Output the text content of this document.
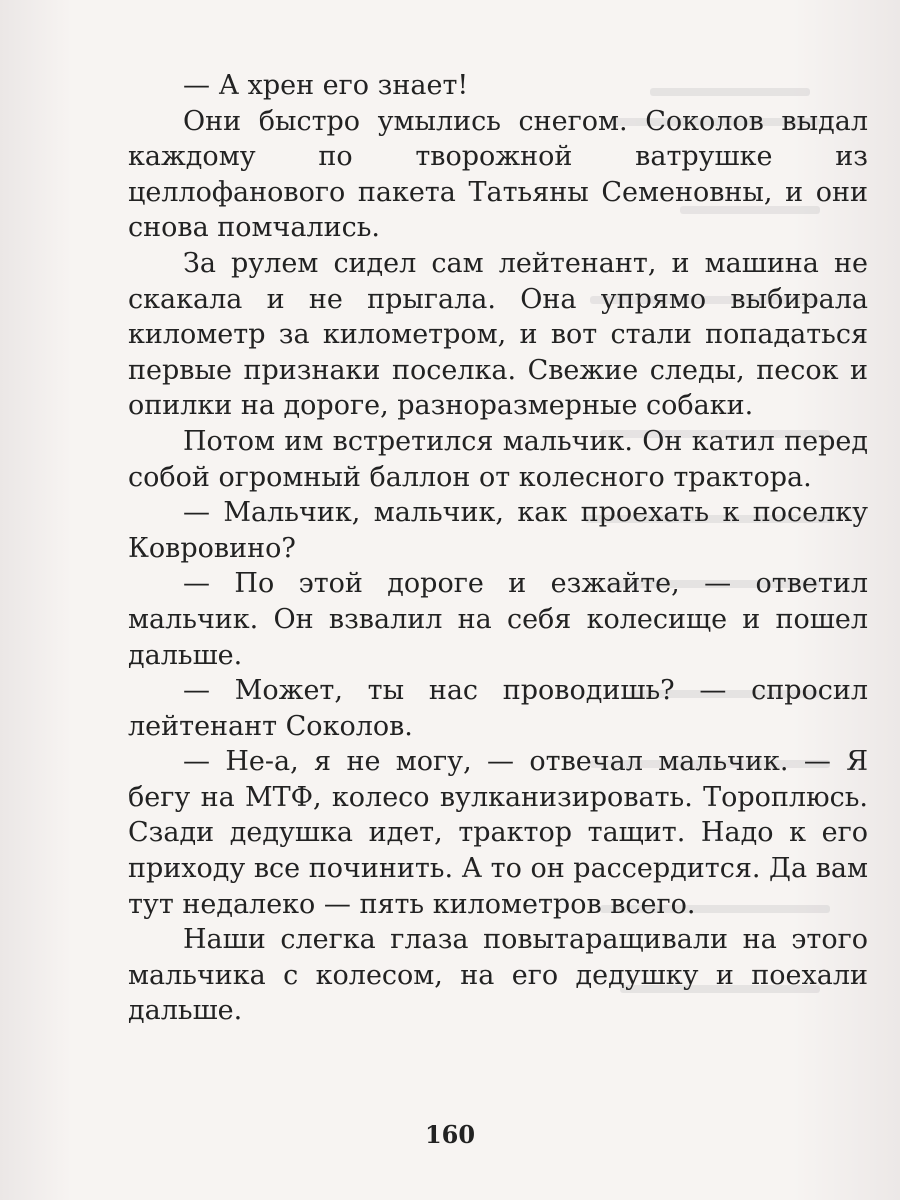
— А хрен его знает!

Они быстро умылись снегом. Соколов выдал каждому по творожной ватрушке из целлофанового пакета Татьяны Семеновны, и они снова помчались.

За рулем сидел сам лейтенант, и машина не скакала и не прыгала. Она упрямо выбирала километр за километром, и вот стали попадаться первые признаки поселка. Свежие следы, песок и опилки на дороге, разноразмерные собаки.

Потом им встретился мальчик. Он катил перед собой огромный баллон от колесного трактора.

— Мальчик, мальчик, как проехать к поселку Ковровино?

— По этой дороге и езжайте, — ответил мальчик. Он взвалил на себя колесище и пошел дальше.

— Может, ты нас проводишь? — спросил лейтенант Соколов.

— Не-а, я не могу, — отвечал мальчик. — Я бегу на МТФ, колесо вулканизировать. Тороплюсь. Сзади дедушка идет, трактор тащит. Надо к его приходу все починить. А то он рассердится. Да вам тут недалеко — пять километров всего.

Наши слегка глаза повытаращивали на этого мальчика с колесом, на его дедушку и поехали дальше.

160
